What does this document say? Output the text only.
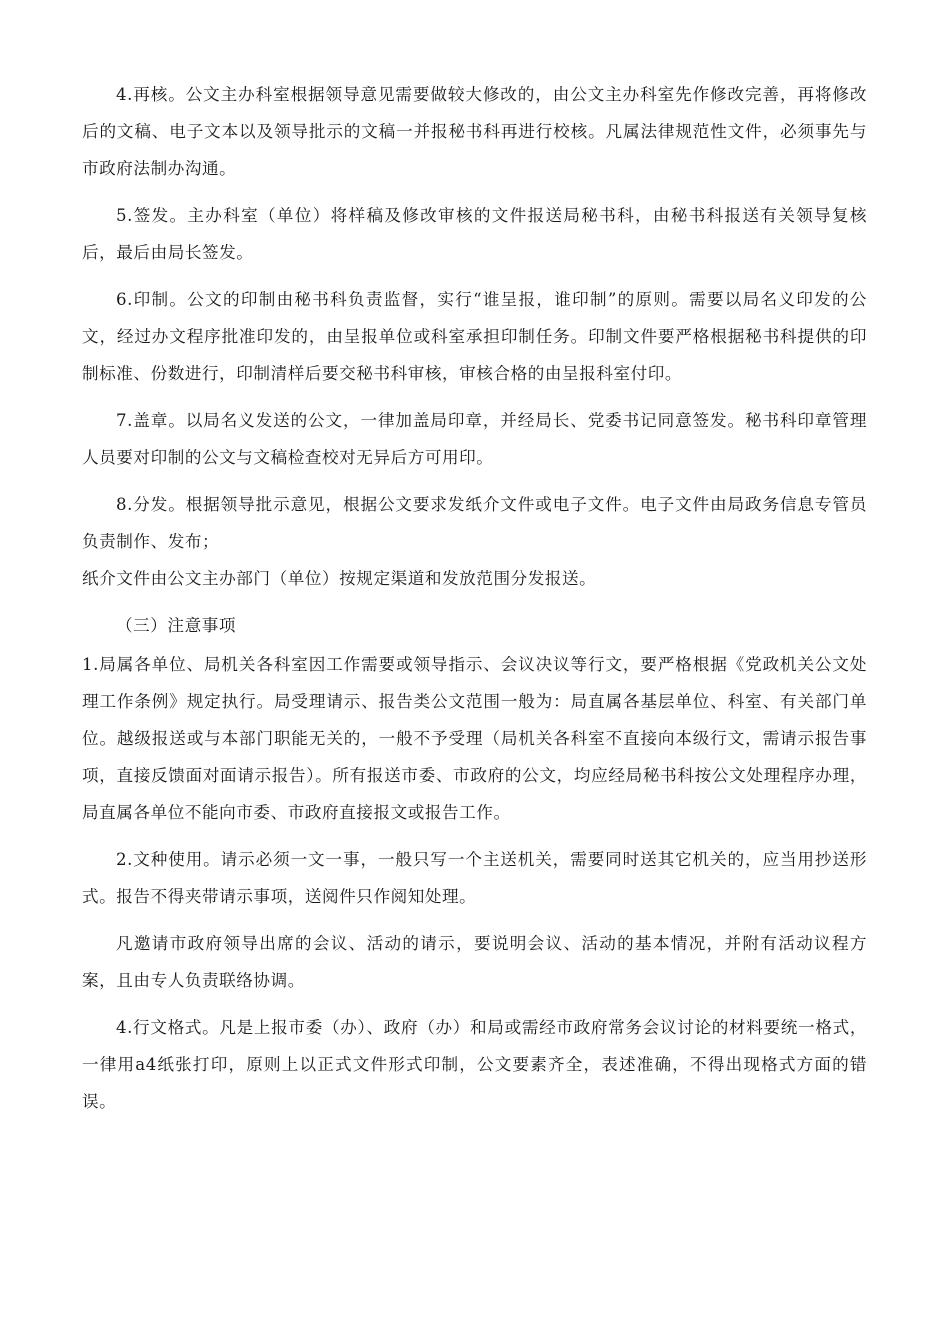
4.再核。公文主办科室根据领导意见需要做较大修改的，由公文主办科室先作修改完善，再将修改后的文稿、电子文本以及领导批示的文稿一并报秘书科再进行校核。凡属法律规范性文件，必须事先与市政府法制办沟通。

5.签发。主办科室（单位）将样稿及修改审核的文件报送局秘书科，由秘书科报送有关领导复核后，最后由局长签发。

6.印制。公文的印制由秘书科负责监督，实行“谁呈报，谁印制”的原则。需要以局名义印发的公文，经过办文程序批准印发的，由呈报单位或科室承担印制任务。印制文件要严格根据秘书科提供的印制标准、份数进行，印制清样后要交秘书科审核，审核合格的由呈报科室付印。

7.盖章。以局名义发送的公文，一律加盖局印章，并经局长、党委书记同意签发。秘书科印章管理人员要对印制的公文与文稿检查校对无异后方可用印。

8.分发。根据领导批示意见，根据公文要求发纸介文件或电子文件。电子文件由局政务信息专管员负责制作、发布；

纸介文件由公文主办部门（单位）按规定渠道和发放范围分发报送。

（三）注意事项

1.局属各单位、局机关各科室因工作需要或领导指示、会议决议等行文，要严格根据《党政机关公文处理工作条例》规定执行。局受理请示、报告类公文范围一般为：局直属各基层单位、科室、有关部门单位。越级报送或与本部门职能无关的，一般不予受理（局机关各科室不直接向本级行文，需请示报告事项，直接反馈面对面请示报告）。所有报送市委、市政府的公文，均应经局秘书科按公文处理程序办理，局直属各单位不能向市委、市政府直接报文或报告工作。

2.文种使用。请示必须一文一事，一般只写一个主送机关，需要同时送其它机关的，应当用抄送形式。报告不得夹带请示事项，送阅件只作阅知处理。

凡邀请市政府领导出席的会议、活动的请示，要说明会议、活动的基本情况，并附有活动议程方案，且由专人负责联络协调。

4.行文格式。凡是上报市委（办）、政府（办）和局或需经市政府常务会议讨论的材料要统一格式，一律用a4纸张打印，原则上以正式文件形式印制，公文要素齐全，表述准确，不得出现格式方面的错误。
